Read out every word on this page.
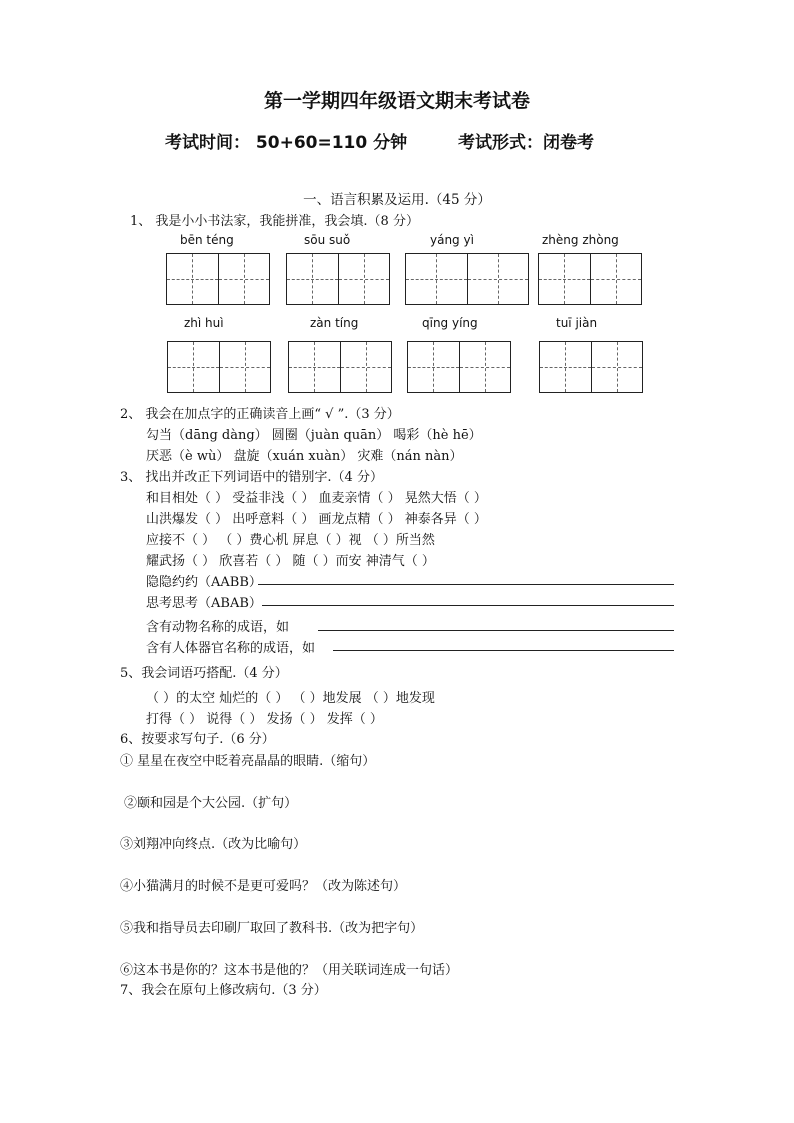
第一学期四年级语文期末考试卷
考试时间： 50+60=110 分钟	考试形式：闭卷考
一、语言积累及运用.（45 分）
1、 我是小小书法家，我能拼准，我会填.（8 分）
bēn téng	sōu suǒ	yáng yì	zhèng zhòng
zhì huì	zàn tíng	qīng yíng	tuī jiàn
2、 我会在加点字的正确读音上画“ √ ”.（3 分）
勾当（dāng dàng） 圆圈（juàn quān） 喝彩（hè hē）
厌恶（è wù） 盘旋（xuán xuàn） 灾难（nán nàn）
3、 找出并改正下列词语中的错别字.（4 分）
和目相处（ ） 受益非浅（ ） 血麦亲情（ ） 晃然大悟（ ）
山洪爆发（ ） 出呼意料（ ） 画龙点精（ ） 神泰各异（ ）
应接不（ ） （ ）费心机 屏息（ ）视 （ ）所当然
耀武扬（ ） 欣喜若（ ） 随（ ）而安 神清气（ ）
隐隐约约（AABB）
思考思考（ABAB）
含有动物名称的成语，如
含有人体器官名称的成语，如
5、我会词语巧搭配.（4 分）
（ ）的太空 灿烂的（ ） （ ）地发展 （ ）地发现
打得（ ） 说得（ ） 发扬（ ） 发挥（ ）
6、按要求写句子.（6 分）
① 星星在夜空中眨着亮晶晶的眼睛.（缩句）
②颐和园是个大公园.（扩句）
③刘翔冲向终点.（改为比喻句）
④小猫满月的时候不是更可爱吗？（改为陈述句）
⑤我和指导员去印刷厂取回了教科书.（改为把字句）
⑥这本书是你的？这本书是他的？（用关联词连成一句话）
7、我会在原句上修改病句.（3 分）
